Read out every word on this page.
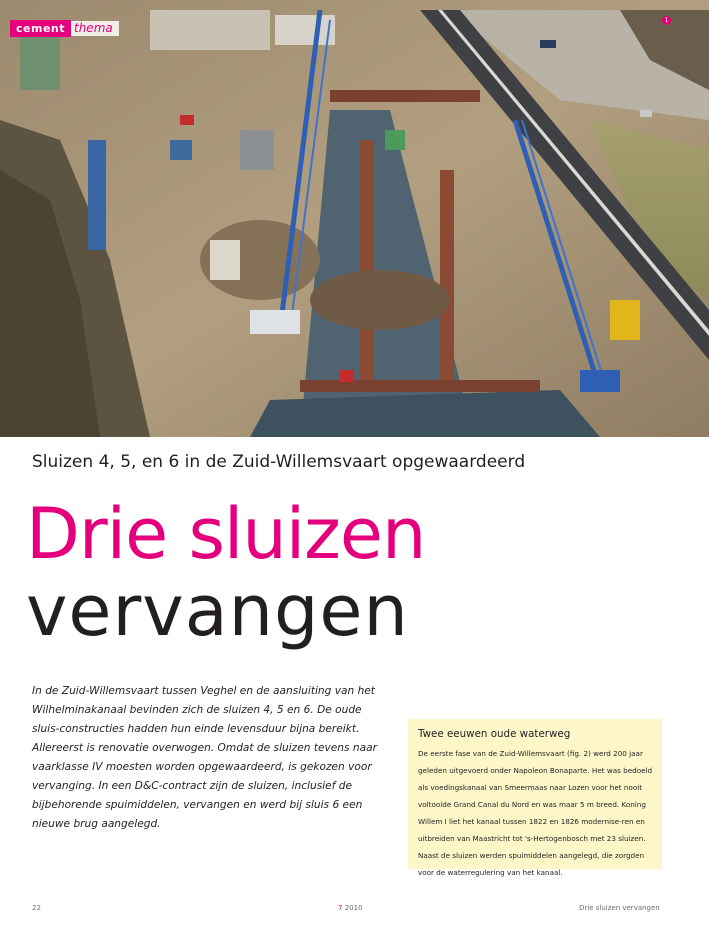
cement thema
1
Sluizen 4, 5, en 6 in de Zuid-Willemsvaart opgewaardeerd
Drie sluizen
vervangen

In de Zuid-Willemsvaart tussen Veghel en de aansluiting van het Wilhelminakanaal bevinden zich de sluizen 4, 5 en 6. De oude sluis-constructies hadden hun einde levensduur bijna bereikt. Allereerst is renovatie overwogen. Omdat de sluizen tevens naar vaarklasse IV moesten worden opgewaardeerd, is gekozen voor vervanging. In een D&C-contract zijn de sluizen, inclusief de bijbehorende spuimiddelen, vervangen en werd bij sluis 6 een nieuwe brug aangelegd.

Twee eeuwen oude waterweg

De eerste fase van de Zuid-Willemsvaart (fig. 2) werd 200 jaar geleden uitgevoerd onder Napoleon Bonaparte. Het was bedoeld als voedingskanaal van Smeermaas naar Lozen voor het nooit voltooide Grand Canal du Nord en was maar 5 m breed. Koning Willem I liet het kanaal tussen 1822 en 1826 modernise-ren en uitbreiden van Maastricht tot 's-Hertogenbosch met 23 sluizen. Naast de sluizen werden spuimiddelen aangelegd, die zorgden voor de waterregulering van het kanaal.

22	7 2010	Drie sluizen vervangen
